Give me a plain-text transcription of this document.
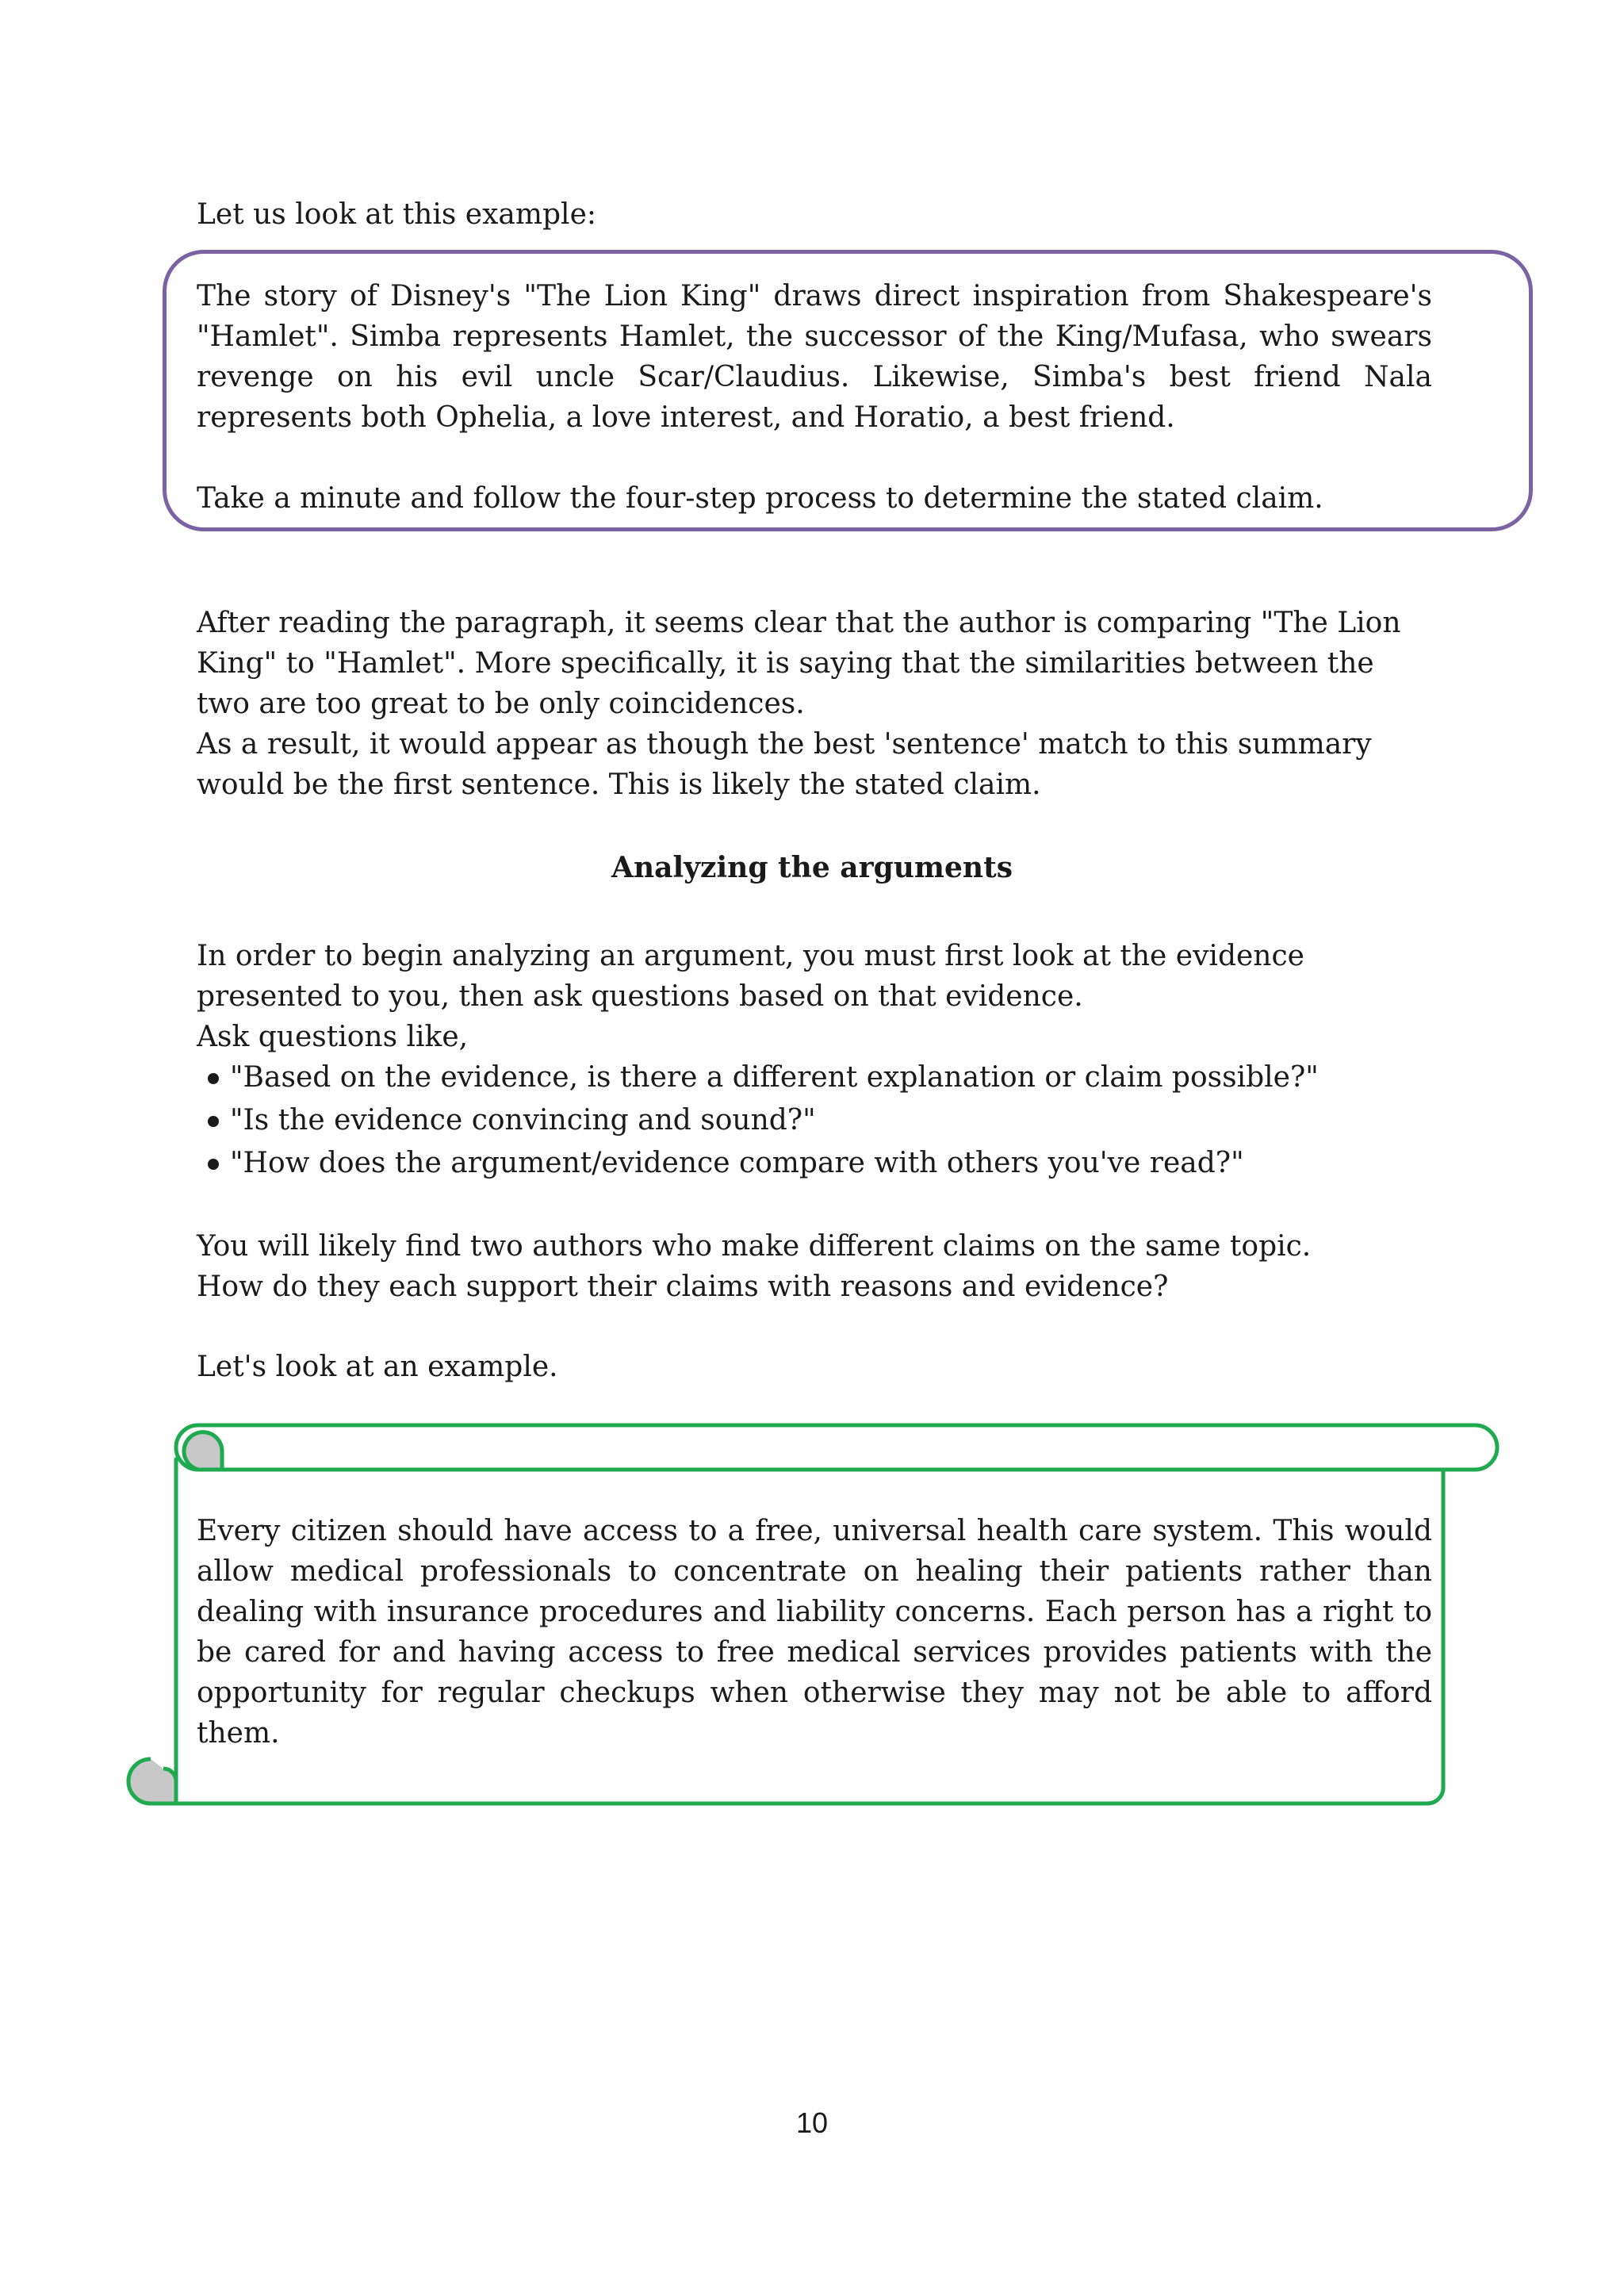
Let us look at this example:

The story of Disney's "The Lion King" draws direct inspiration from Shakespeare's "Hamlet". Simba represents Hamlet, the successor of the King/Mufasa, who swears revenge on his evil uncle Scar/Claudius. Likewise, Simba's best friend Nala represents both Ophelia, a love interest, and Horatio, a best friend.

Take a minute and follow the four-step process to determine the stated claim.

After reading the paragraph, it seems clear that the author is comparing "The Lion

King" to "Hamlet". More specifically, it is saying that the similarities between the

two are too great to be only coincidences.

As a result, it would appear as though the best 'sentence' match to this summary

would be the first sentence. This is likely the stated claim.

Analyzing the arguments

In order to begin analyzing an argument, you must first look at the evidence

presented to you, then ask questions based on that evidence.

Ask questions like,

"Based on the evidence, is there a different explanation or claim possible?"
"Is the evidence convincing and sound?"
"How does the argument/evidence compare with others you've read?"

You will likely find two authors who make different claims on the same topic.

How do they each support their claims with reasons and evidence?

Let's look at an example.

Every citizen should have access to a free, universal health care system. This would allow medical professionals to concentrate on healing their patients rather than dealing with insurance procedures and liability concerns. Each person has a right to be cared for and having access to free medical services provides patients with the opportunity for regular checkups when otherwise they may not be able to afford them.

10
